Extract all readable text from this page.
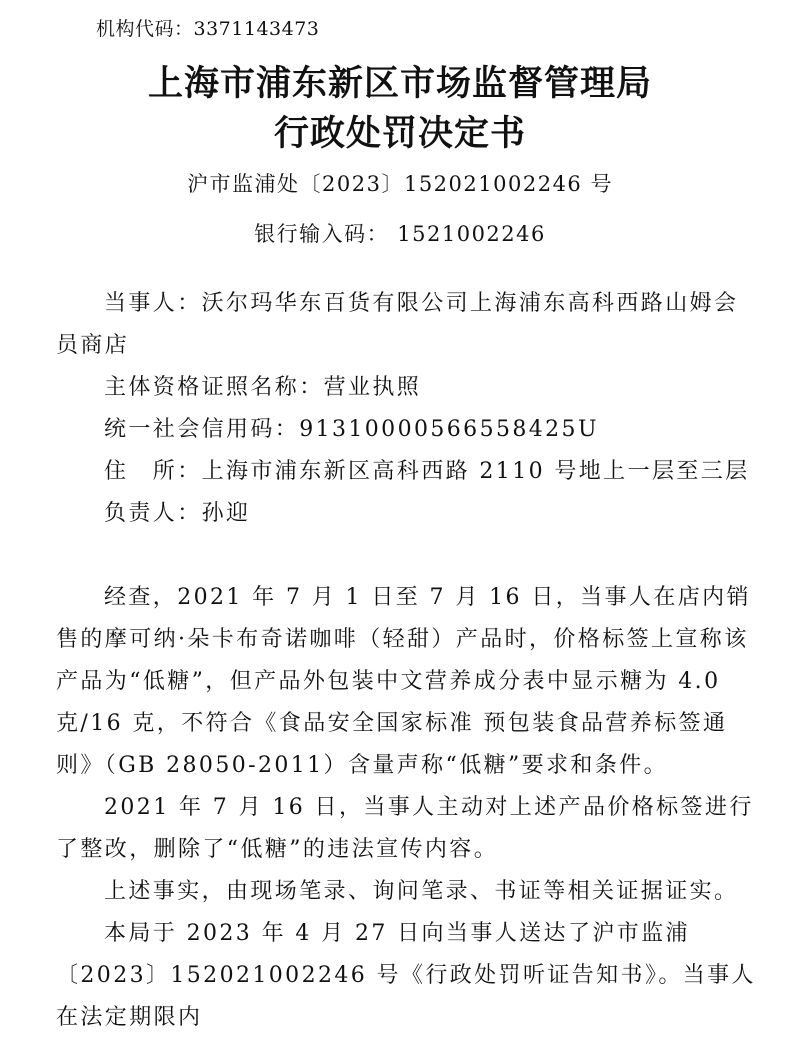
机构代码：3371143473
上海市浦东新区市场监督管理局
行政处罚决定书
沪市监浦处〔2023〕152021002246 号
银行输入码： 1521002246

当事人：沃尔玛华东百货有限公司上海浦东高科西路山姆会员商店

主体资格证照名称：营业执照

统一社会信用码：91310000566558425U

住　所：上海市浦东新区高科西路 2110 号地上一层至三层

负责人：孙迎

经查，2021 年 7 月 1 日至 7 月 16 日，当事人在店内销售的摩可纳·朵卡布奇诺咖啡（轻甜）产品时，价格标签上宣称该产品为“低糖”，但产品外包装中文营养成分表中显示糖为 4.0 克/16 克，不符合《食品安全国家标准 预包装食品营养标签通则》（GB 28050-2011）含量声称“低糖”要求和条件。

2021 年 7 月 16 日，当事人主动对上述产品价格标签进行了整改，删除了“低糖”的违法宣传内容。

上述事实，由现场笔录、询问笔录、书证等相关证据证实。

本局于 2023 年 4 月 27 日向当事人送达了沪市监浦〔2023〕152021002246 号《行政处罚听证告知书》。当事人在法定期限内
